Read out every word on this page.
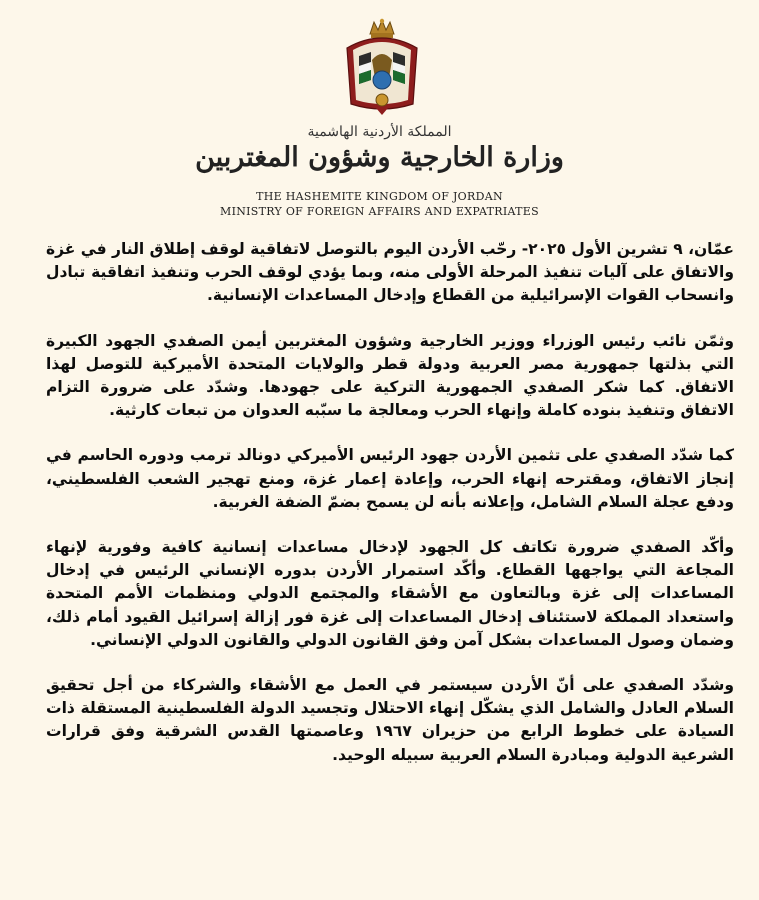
المملكة الأردنية الهاشمية
وزارة الخارجية وشؤون المغتربين
THE HASHEMITE KINGDOM OF JORDAN
MINISTRY OF FOREIGN AFFAIRS AND EXPATRIATES

عمّان، ٩ تشرين الأول ٢٠٢٥- رحّب الأردن اليوم بالتوصل لاتفاقية لوقف إطلاق النار في غزة والاتفاق على آليات تنفيذ المرحلة الأولى منه، وبما يؤدي لوقف الحرب وتنفيذ اتفاقية تبادل وانسحاب القوات الإسرائيلية من القطاع وإدخال المساعدات الإنسانية.

وثمّن نائب رئيس الوزراء ووزير الخارجية وشؤون المغتربين أيمن الصفدي الجهود الكبيرة التي بذلتها جمهورية مصر العربية ودولة قطر والولايات المتحدة الأميركية للتوصل لهذا الاتفاق. كما شكر الصفدي الجمهورية التركية على جهودها. وشدّد على ضرورة التزام الاتفاق وتنفيذ بنوده كاملة وإنهاء الحرب ومعالجة ما سبّبه العدوان من تبعات كارثية.

كما شدّد الصفدي على تثمين الأردن جهود الرئيس الأميركي دونالد ترمب ودوره الحاسم في إنجاز الاتفاق، ومقترحه إنهاء الحرب، وإعادة إعمار غزة، ومنع تهجير الشعب الفلسطيني، ودفع عجلة السلام الشامل، وإعلانه بأنه لن يسمح بضمّ الضفة الغربية.

وأكّد الصفدي ضرورة تكاتف كل الجهود لإدخال مساعدات إنسانية كافية وفورية لإنهاء المجاعة التي يواجهها القطاع. وأكّد استمرار الأردن بدوره الإنساني الرئيس في إدخال المساعدات إلى غزة وبالتعاون مع الأشقاء والمجتمع الدولي ومنظمات الأمم المتحدة واستعداد المملكة لاستئناف إدخال المساعدات إلى غزة فور إزالة إسرائيل القيود أمام ذلك، وضمان وصول المساعدات بشكل آمن وفق القانون الدولي والقانون الدولي الإنساني.

وشدّد الصفدي على أنّ الأردن سيستمر في العمل مع الأشقاء والشركاء من أجل تحقيق السلام العادل والشامل الذي يشكّل إنهاء الاحتلال وتجسيد الدولة الفلسطينية المستقلة ذات السيادة على خطوط الرابع من حزيران ١٩٦٧ وعاصمتها القدس الشرقية وفق قرارات الشرعية الدولية ومبادرة السلام العربية سبيله الوحيد.
